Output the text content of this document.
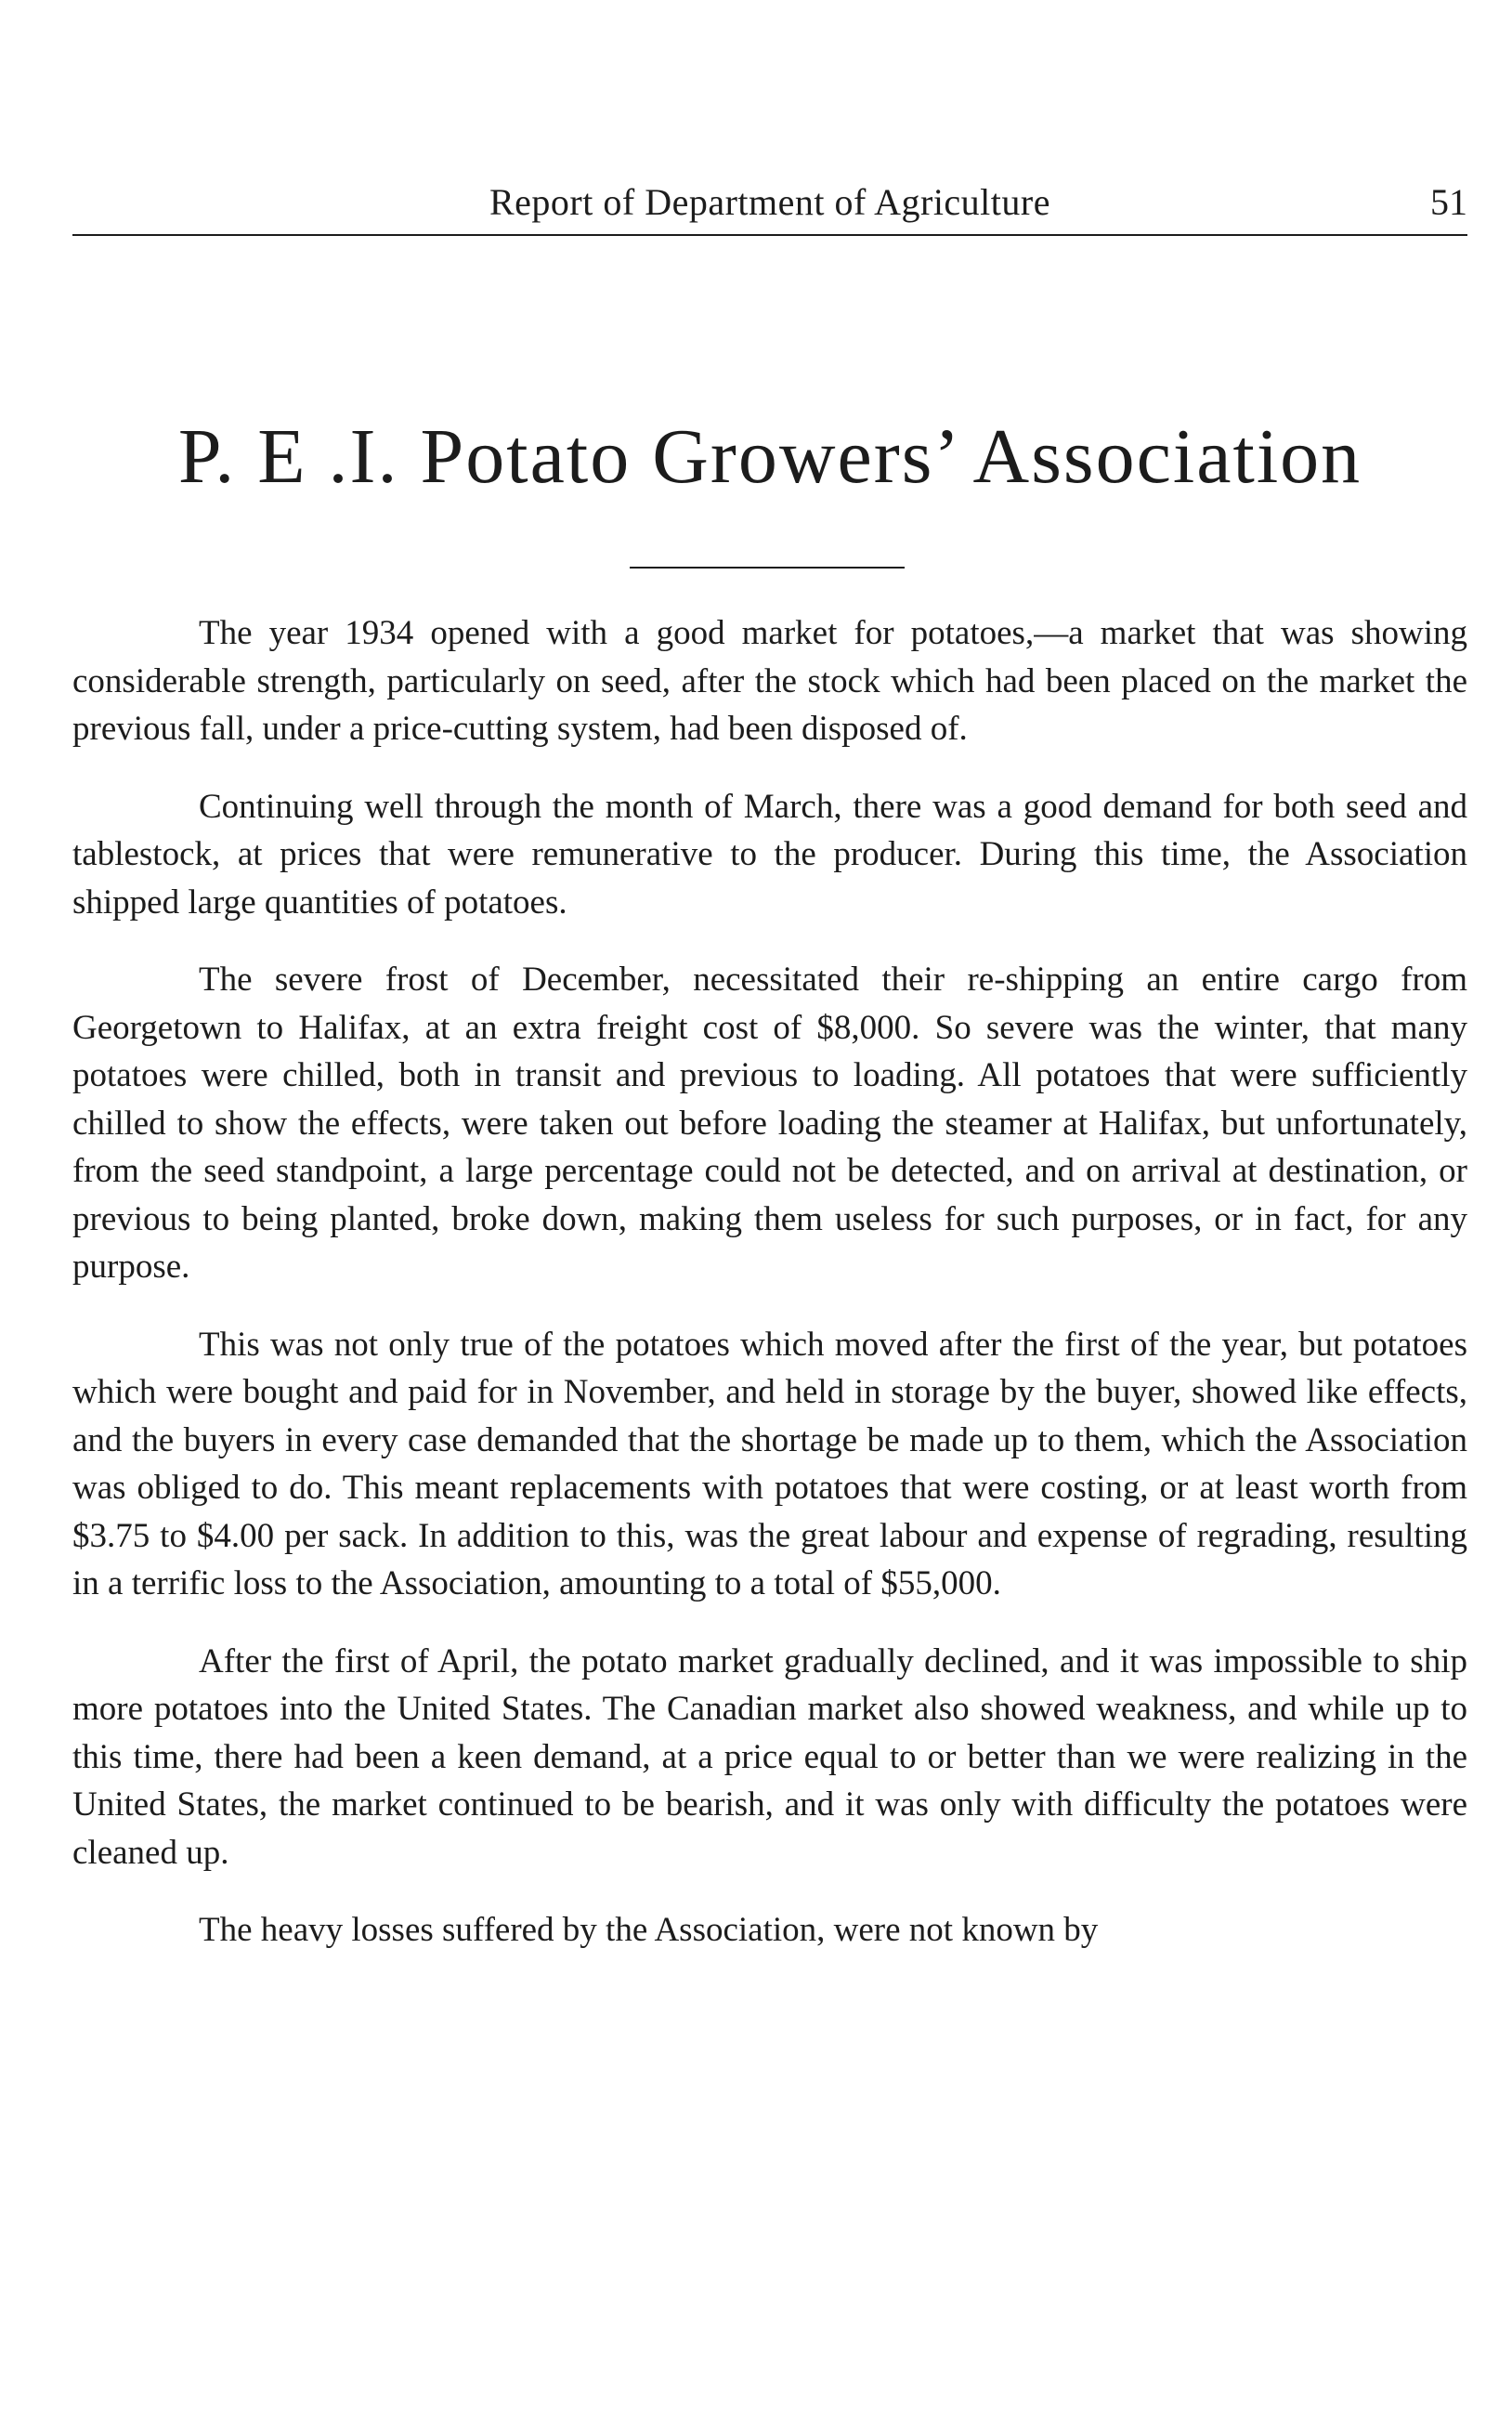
Report of Department of Agriculture	51
P. E .I. Potato Growers’ Association

The year 1934 opened with a good market for potatoes,—a market that was showing considerable strength, particularly on seed, after the stock which had been placed on the market the previous fall, under a price-cutting system, had been disposed of.

Continuing well through the month of March, there was a good demand for both seed and tablestock, at prices that were remunerative to the producer. During this time, the Association shipped large quantities of potatoes.

The severe frost of December, necessitated their re-shipping an entire cargo from Georgetown to Halifax, at an extra freight cost of $8,000. So severe was the winter, that many potatoes were chilled, both in transit and previous to loading. All potatoes that were sufficiently chilled to show the effects, were taken out before loading the steamer at Halifax, but unfortunately, from the seed standpoint, a large percentage could not be detected, and on arrival at destination, or previous to being planted, broke down, making them useless for such purposes, or in fact, for any purpose.

This was not only true of the potatoes which moved after the first of the year, but potatoes which were bought and paid for in November, and held in storage by the buyer, showed like effects, and the buyers in every case demanded that the shortage be made up to them, which the Association was obliged to do. This meant replacements with potatoes that were costing, or at least worth from $3.75 to $4.00 per sack. In addition to this, was the great labour and expense of regrading, resulting in a terrific loss to the Association, amounting to a total of $55,000.

After the first of April, the potato market gradually declined, and it was impossible to ship more potatoes into the United States. The Canadian market also showed weakness, and while up to this time, there had been a keen demand, at a price equal to or better than we were realizing in the United States, the market continued to be bearish, and it was only with difficulty the potatoes were cleaned up.

The heavy losses suffered by the Association, were not known by
